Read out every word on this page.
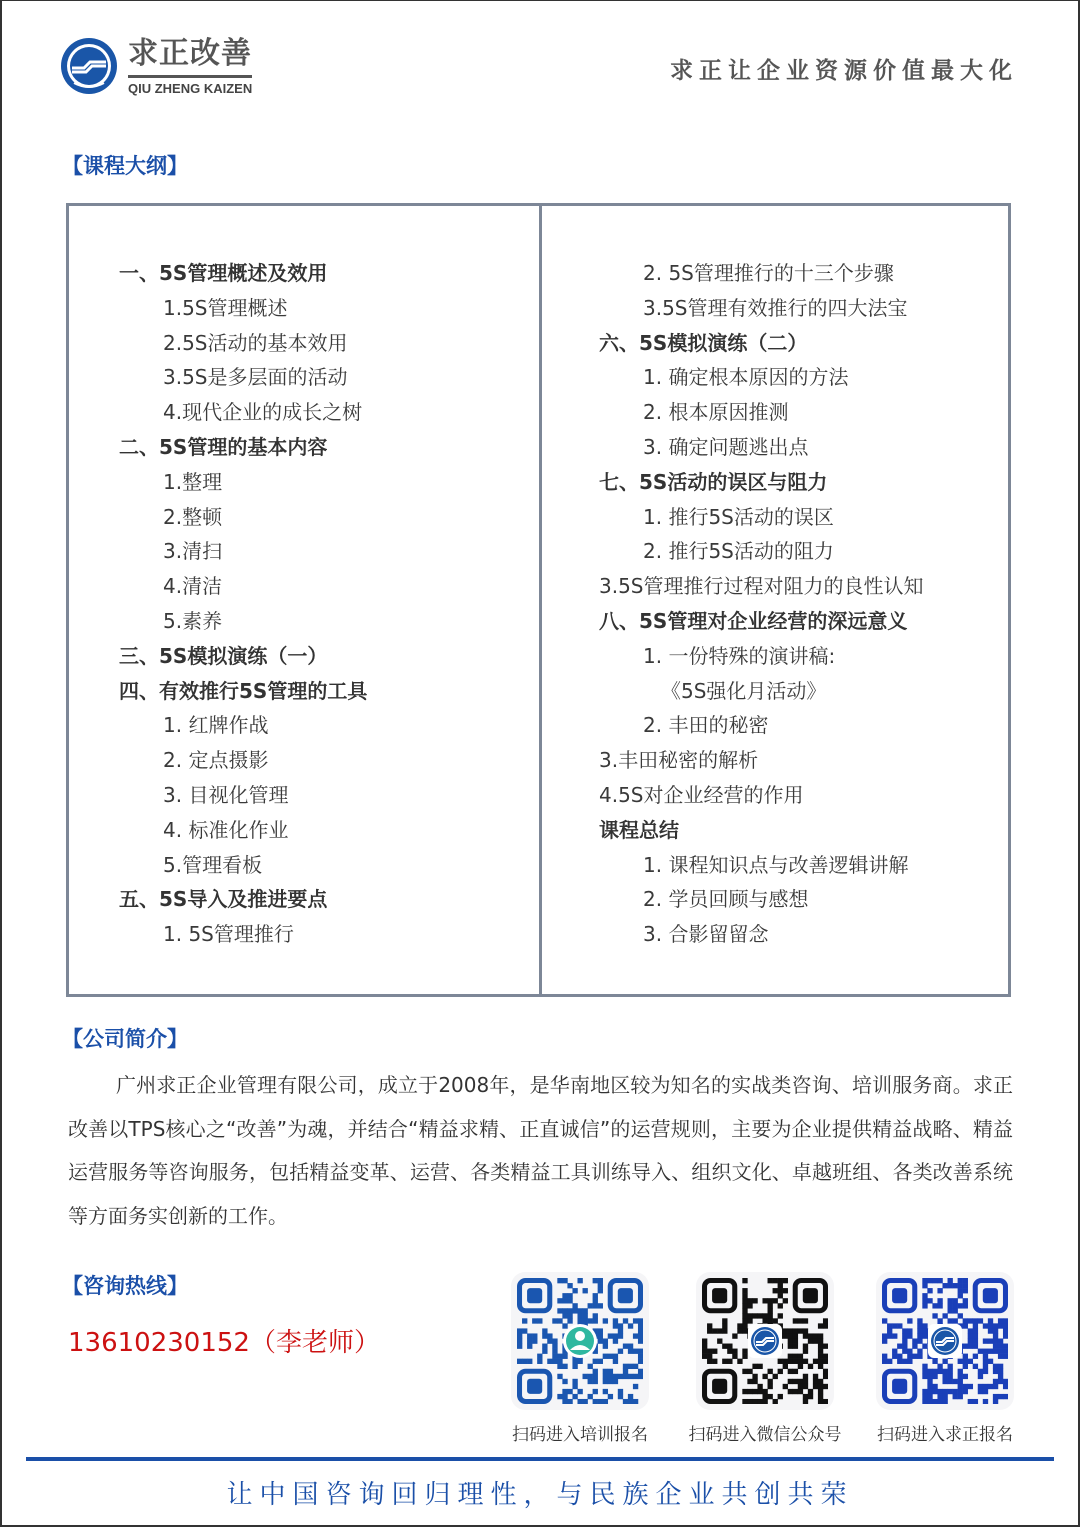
求正改善
QIU ZHENG KAIZEN
求正让企业资源价值最大化
【课程大纲】
一、5S管理概述及效用
1.5S管理概述
2.5S活动的基本效用
3.5S是多层面的活动
4.现代企业的成长之树
二、5S管理的基本内容
1.整理
2.整顿
3.清扫
4.清洁
5.素养
三、5S模拟演练（一）
四、有效推行5S管理的工具
1. 红牌作战
2. 定点摄影
3. 目视化管理
4. 标准化作业
5.管理看板
五、5S导入及推进要点
1. 5S管理推行
2. 5S管理推行的十三个步骤
3.5S管理有效推行的四大法宝
六、5S模拟演练（二）
1. 确定根本原因的方法
2. 根本原因推测
3. 确定问题逃出点
七、5S活动的误区与阻力
1. 推行5S活动的误区
2. 推行5S活动的阻力
3.5S管理推行过程对阻力的良性认知
八、5S管理对企业经营的深远意义
1. 一份特殊的演讲稿:
《5S强化月活动》
2. 丰田的秘密
3.丰田秘密的解析
4.5S对企业经营的作用
课程总结
1. 课程知识点与改善逻辑讲解
2. 学员回顾与感想
3. 合影留留念
【公司简介】

广州求正企业管理有限公司，成立于2008年，是华南地区较为知名的实战类咨询、培训服务商。求正改善以TPS核心之“改善”为魂，并结合“精益求精、正直诚信”的运营规则，主要为企业提供精益战略、精益运营服务等咨询服务，包括精益变革、运营、各类精益工具训练导入、组织文化、卓越班组、各类改善系统等方面务实创新的工作。

【咨询热线】
13610230152（李老师）
扫码进入培训报名	扫码进入微信公众号	扫码进入求正报名
让中国咨询回归理性，与民族企业共创共荣
